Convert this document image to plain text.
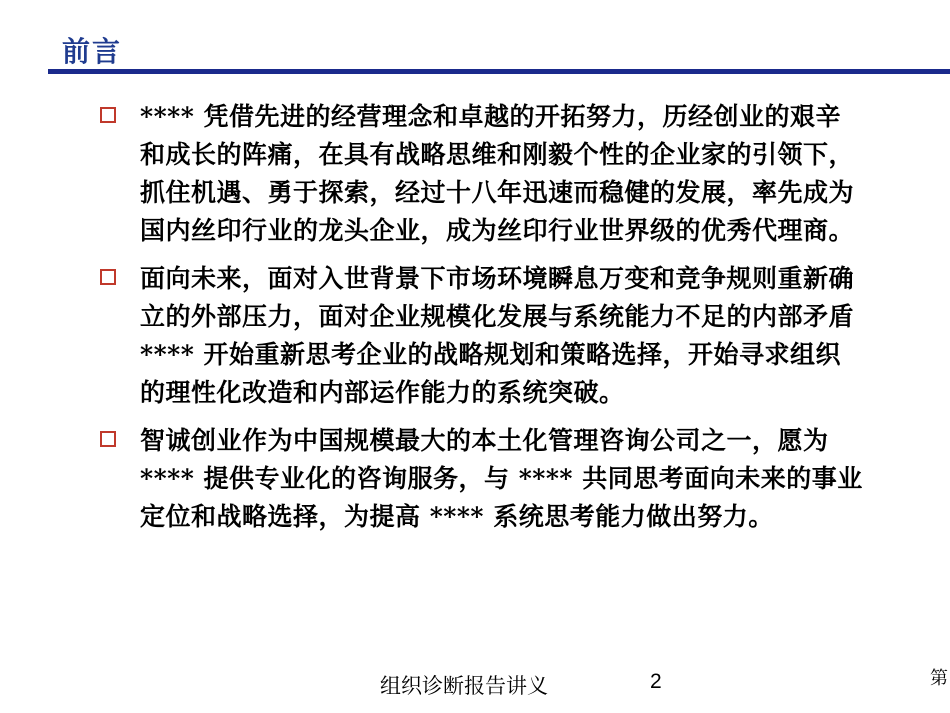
前言

**** 凭借先进的经营理念和卓越的开拓努力，历经创业的艰辛
和成长的阵痛，在具有战略思维和刚毅个性的企业家的引领下，
抓住机遇、勇于探索，经过十八年迅速而稳健的发展，率先成为
国内丝印行业的龙头企业，成为丝印行业世界级的优秀代理商。

面向未来，面对入世背景下市场环境瞬息万变和竞争规则重新确
立的外部压力，面对企业规模化发展与系统能力不足的内部矛盾
**** 开始重新思考企业的战略规划和策略选择，开始寻求组织
的理性化改造和内部运作能力的系统突破。

智诚创业作为中国规模最大的本土化管理咨询公司之一，愿为
**** 提供专业化的咨询服务，与 **** 共同思考面向未来的事业
定位和战略选择，为提高 **** 系统思考能力做出努力。

组织诊断报告讲义	2	第
